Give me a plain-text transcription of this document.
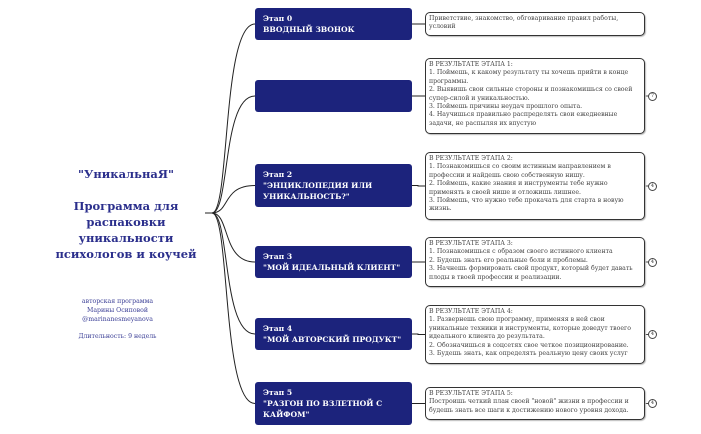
"УникальнаЯ"
Программа для распаковки уникальности психологов и коучей
авторская программа
Марины Осиповой
@marinanesmeyanova
Длительность: 9 недель
Этап 0
ВВОДНЫЙ ЗВОНОК
Приветствие, знакомство, обговаривание правил работы, условий
В РЕЗУЛЬТАТЕ ЭТАПА 1:
1. Поймешь, к какому результату ты хочешь прийти в конце программы.
2. Выявишь свои сильные стороны и познакомишься со своей супер-силой и уникальностью.
3. Поймешь причины неудач прошлого опыта.
4. Научишься правильно распределять свои ежедневные задачи, не распыляя их впустую
7
Этап 2
"ЭНЦИКЛОПЕДИЯ ИЛИ УНИКАЛЬНОСТЬ?"
В РЕЗУЛЬТАТЕ ЭТАПА 2:
1. Познакомишься со своим истинным направлением в профессии и найдешь свою собственную нишу.
2. Поймешь, какие знания и инструменты тебе нужно применять в своей нише и отложишь лишнее.
3. Поймешь, что нужно тебе прокачать для старта в новую жизнь.
4
Этап 3
"МОЙ ИДЕАЛЬНЫЙ КЛИЕНТ"
В РЕЗУЛЬТАТЕ ЭТАПА 3:
1. Познакомишься с образом своего истинного клиента
2. Будешь знать его реальные боли и проблемы.
3. Начнешь формировать свой продукт, который будет давать плоды в твоей профессии и реализации.
4
Этап 4
"МОЙ АВТОРСКИЙ ПРОДУКТ"
В РЕЗУЛЬТАТЕ ЭТАПА 4:
1. Развернешь свою программу, применяя в ней свои уникальные техники и инструменты, которые доведут твоего идеального клиента до результата.
2. Обозначишься в соцсетях свое четкое позиционирование.
3. Будешь знать, как определять реальную цену своих услуг
4
Этап 5
"РАЗГОН ПО ВЗЛЕТНОЙ С КАЙФОМ"
В РЕЗУЛЬТАТЕ ЭТАПА 5:
Построишь четкий план своей "новой" жизни в профессии и будешь знать все шаги к достижению нового уровня дохода.
4
